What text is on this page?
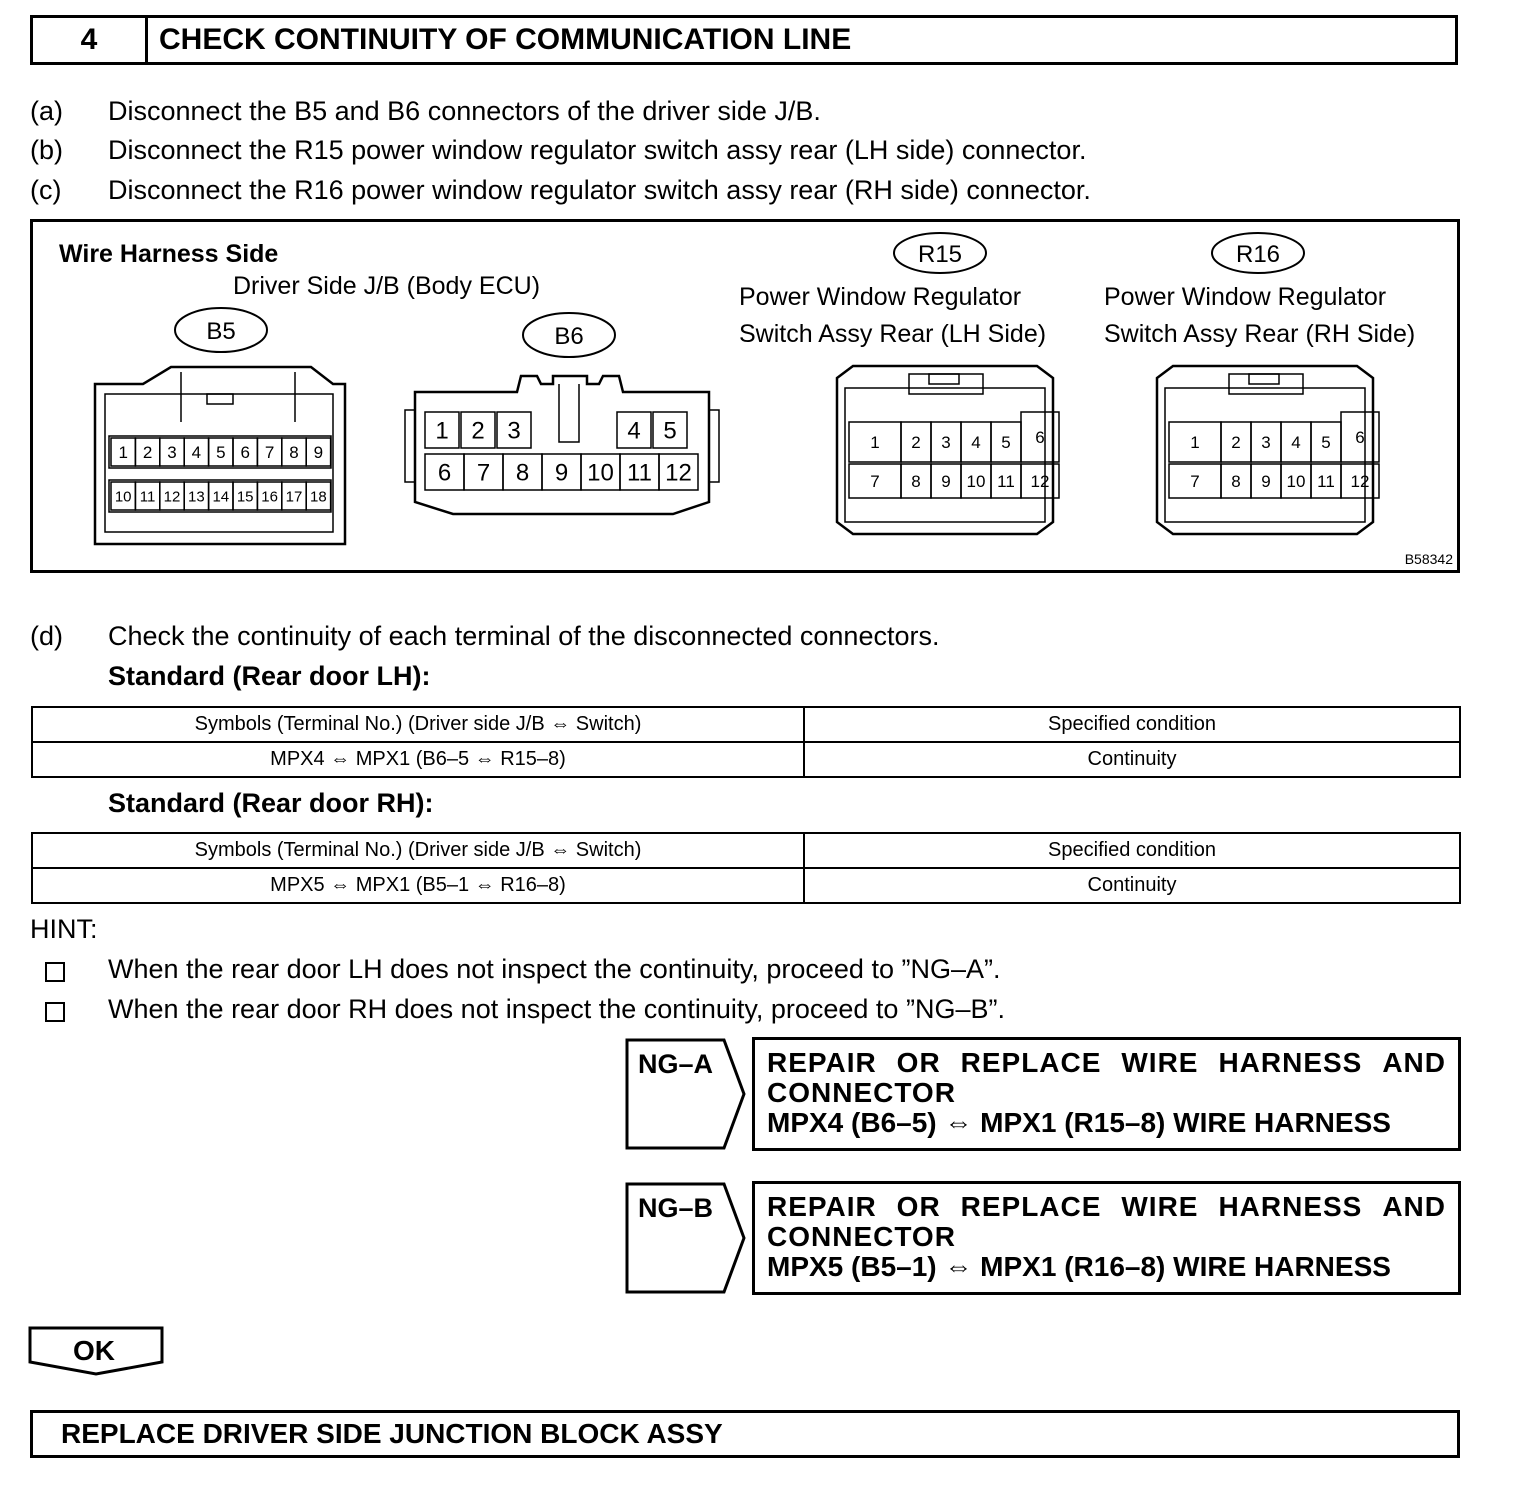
4	CHECK CONTINUITY OF COMMUNICATION LINE
(a) Disconnect the B5 and B6 connectors of the driver side J/B.
(b) Disconnect the R15 power window regulator switch assy rear (LH side) connector.
(c) Disconnect the R16 power window regulator switch assy rear (RH side) connector.
Wire Harness Side
Driver Side J/B (Body ECU)
B5	B6
R15
Power Window Regulator
Switch Assy Rear (LH Side)
R16
Power Window Regulator
Switch Assy Rear (RH Side)
1 2 3 4 5 6 7 8 9
10 11 12 13 14 15 16 17 18
1 2 3	4 5
6 7 8 9 10 11 12
1 2 3 4 5 6
7 8 9 10 11 12
1 2 3 4 5 6
7 8 9 10 11 12
B58342
(d) Check the continuity of each terminal of the disconnected connectors.
Standard (Rear door LH):
Symbols (Terminal No.) (Driver side J/B ⇔ Switch)	Specified condition
MPX4 ⇔ MPX1 (B6–5 ⇔ R15–8)	Continuity
Standard (Rear door RH):
Symbols (Terminal No.) (Driver side J/B ⇔ Switch)	Specified condition
MPX5 ⇔ MPX1 (B5–1 ⇔ R16–8)	Continuity
HINT:
When the rear door LH does not inspect the continuity, proceed to ”NG–A”.
When the rear door RH does not inspect the continuity, proceed to ”NG–B”.
NG–A REPAIR OR REPLACE WIRE HARNESS AND
CONNECTOR
MPX4 (B6–5) ⇔ MPX1 (R15–8) WIRE HARNESS
NG–B REPAIR OR REPLACE WIRE HARNESS AND
CONNECTOR
MPX5 (B5–1) ⇔ MPX1 (R16–8) WIRE HARNESS
OK
REPLACE DRIVER SIDE JUNCTION BLOCK ASSY
